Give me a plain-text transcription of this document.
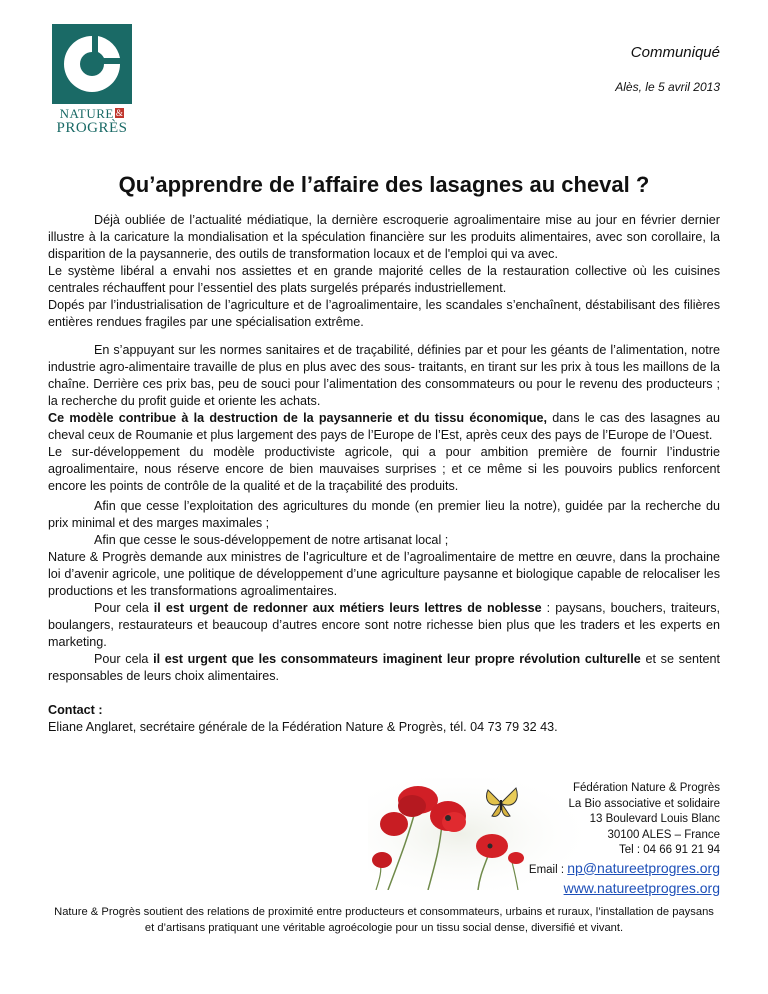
NATURE &
PROGRÈS
Communiqué
Alès, le 5 avril 2013
Qu’apprendre de l’affaire des lasagnes au cheval ?

Déjà oubliée de l’actualité médiatique, la dernière escroquerie agroalimentaire mise au jour en février dernier illustre à la caricature la mondialisation et la spéculation financière sur les produits alimentaires, avec son corollaire, la disparition de la paysannerie, des outils de transformation locaux et de l'emploi qui va avec.

Le système libéral a envahi nos assiettes et en grande majorité celles de la restauration collective où les cuisines centrales réchauffent pour l’essentiel des plats surgelés préparés industriellement.

Dopés par l’industrialisation de l’agriculture et de l’agroalimentaire, les scandales s’enchaînent, déstabilisant des filières entières rendues fragiles par une spécialisation extrême.

En s’appuyant sur les normes sanitaires et de traçabilité, définies par et pour les géants de l’alimentation, notre industrie agro-alimentaire travaille de plus en plus avec des sous- traitants, en tirant sur les prix à tous les maillons de la chaîne. Derrière ces prix bas, peu de souci pour l’alimentation des consommateurs ou pour le revenu des producteurs ; la recherche du profit guide et oriente les achats.

Ce modèle contribue à la destruction de la paysannerie et du tissu économique, dans le cas des lasagnes au cheval ceux de Roumanie et plus largement des pays de l’Europe de l’Est, après ceux des pays de l’Europe de l’Ouest.

Le sur-développement du modèle productiviste agricole, qui a pour ambition première de fournir l’industrie agroalimentaire, nous réserve encore de bien mauvaises surprises ; et ce même si les pouvoirs publics renforcent encore les points de contrôle de la qualité et de la traçabilité des produits.

Afin que cesse l’exploitation des agricultures du monde (en premier lieu la notre), guidée par la recherche du prix minimal et des marges maximales ;

Afin que cesse le sous-développement de notre artisanat local ;

Nature & Progrès demande aux ministres de l’agriculture et de l’agroalimentaire de mettre en œuvre, dans la prochaine loi d’avenir agricole, une politique de développement d’une agriculture paysanne et biologique capable de relocaliser les productions et les transformations agroalimentaires.

Pour cela il est urgent de redonner aux métiers leurs lettres de noblesse : paysans, bouchers, traiteurs, boulangers, restaurateurs et beaucoup d’autres encore sont notre richesse bien plus que les traders et les experts en marketing.

Pour cela il est urgent que les consommateurs imaginent leur propre révolution culturelle et se sentent responsables de leurs choix alimentaires.

Contact :
Eliane Anglaret, secrétaire générale de la Fédération Nature & Progrès, tél. 04 73 79 32 43.
Fédération Nature & Progrès
La Bio associative et solidaire
13 Boulevard Louis Blanc
30100 ALES – France
Tel : 04 66 91 21 94
Email : np@natureetprogres.org
www.natureetprogres.org
Nature & Progrès soutient des relations de proximité entre producteurs et consommateurs, urbains et ruraux, l’installation de paysans et d’artisans pratiquant une véritable agroécologie pour un tissu social dense, diversifié et vivant.
